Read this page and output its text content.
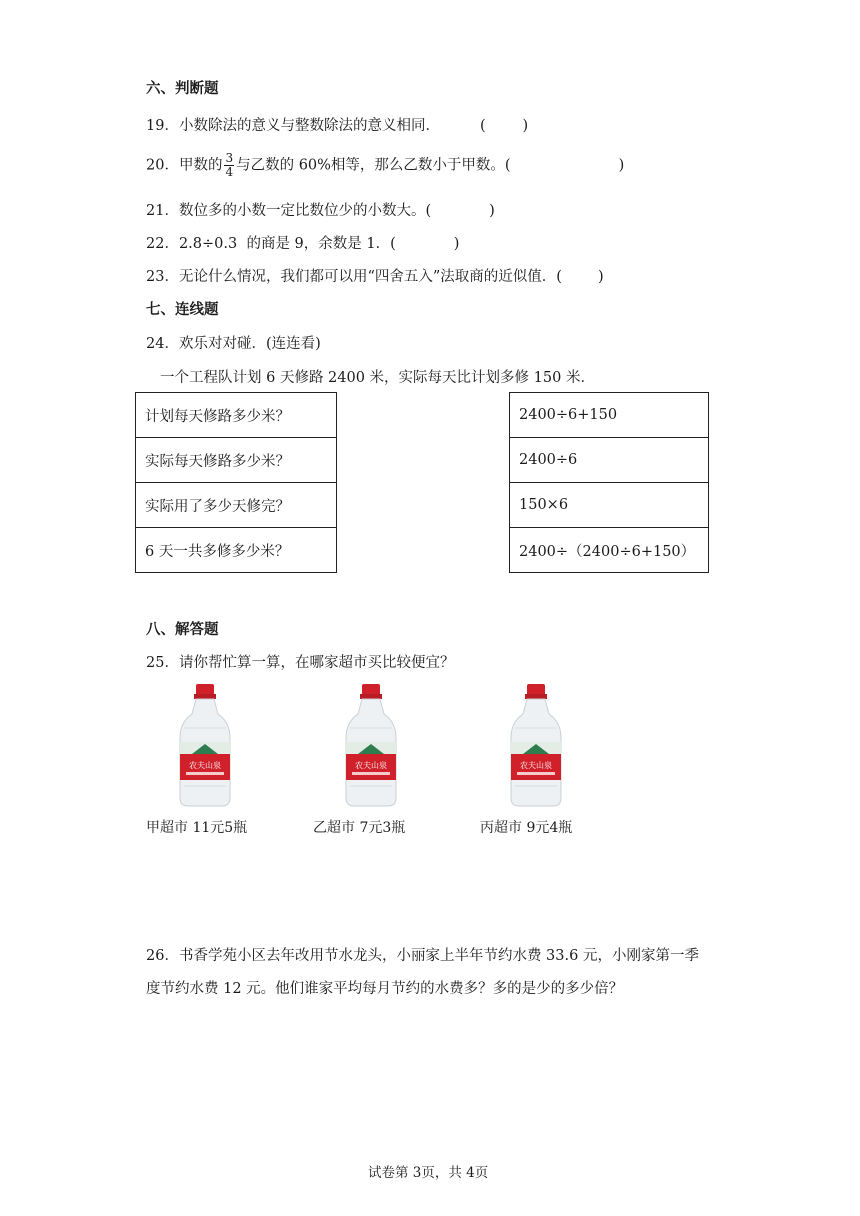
六、判断题
19．小数除法的意义与整数除法的意义相同．	(        )
20．甲数的 $\frac{3}{4}$ 与乙数的 60%相等，那么乙数小于甲数。(	)
21．数位多的小数一定比数位少的小数大。(	)
22．2.8÷0.3  的商是 9，余数是 1．(	)
23．无论什么情况，我们都可以用“四舍五入”法取商的近似值．( )
七、连线题
24．欢乐对对碰．(连连看)
一个工程队计划 6 天修路 2400 米，实际每天比计划多修 150 米．
计划每天修路多少米？
实际每天修路多少米？
实际用了多少天修完？
6 天一共多修多少米？
2400÷6+150
2400÷6
150×6
2400÷（2400÷6+150）
八、解答题
25．请你帮忙算一算，在哪家超市买比较便宜？
农夫山泉	农夫山泉	农夫山泉
甲超市 11元5瓶	乙超市 7元3瓶	丙超市 9元4瓶
26．书香学苑小区去年改用节水龙头，小丽家上半年节约水费 33.6 元，小刚家第一季
度节约水费 12 元。他们谁家平均每月节约的水费多？多的是少的多少倍？
试卷第 3页，共 4页
